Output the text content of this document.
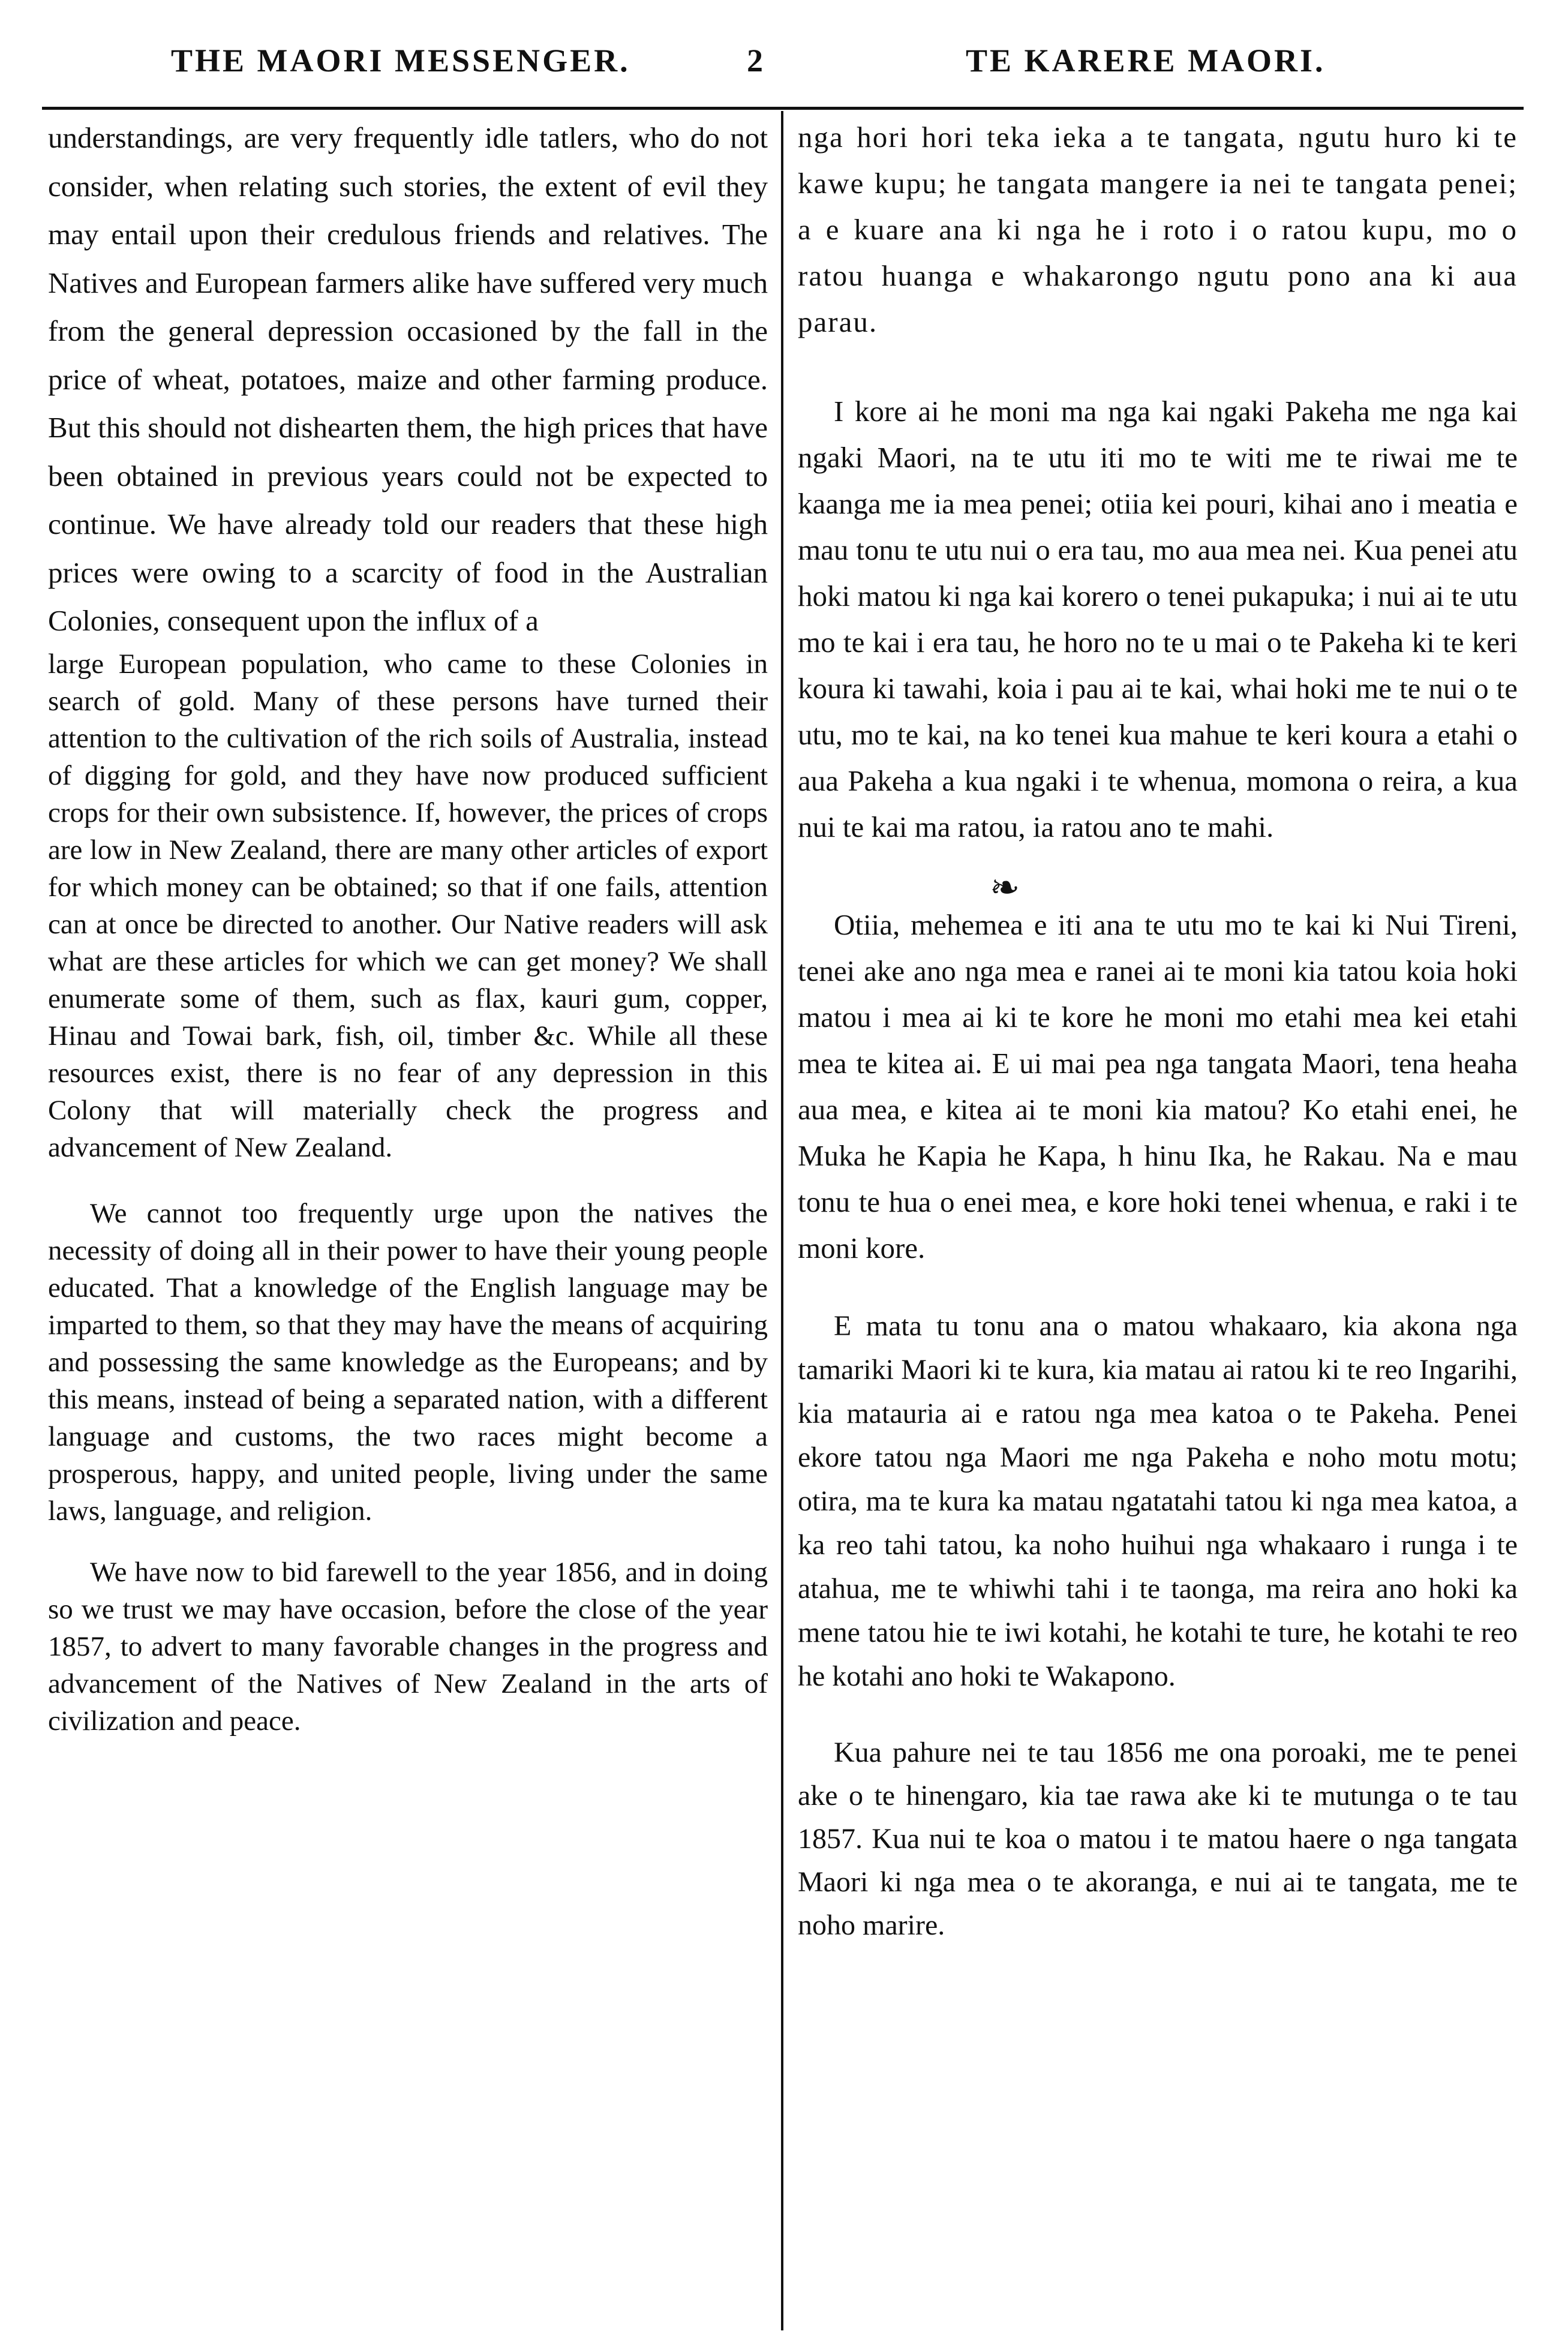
THE MAORI MESSENGER.	2	TE KARERE MAORI.

understandings, are very frequently idle tatlers, who do not consider, when relating such stories, the extent of evil they may entail upon their credulous friends and relatives. The Natives and European farmers alike have suffered very much from the general depression occasioned by the fall in the price of wheat, potatoes, maize and other farming produce. But this should not dishearten them, the high prices that have been obtained in previous years could not be expected to continue. We have already told our readers that these high prices were owing to a scarcity of food in the Australian Colonies, consequent upon the influx of a

large European population, who came to these Colonies in search of gold. Many of these persons have turned their attention to the cultivation of the rich soils of Australia, instead of digging for gold, and they have now produced sufficient crops for their own subsistence. If, however, the prices of crops are low in New Zealand, there are many other articles of export for which money can be obtained; so that if one fails, attention can at once be directed to another. Our Native readers will ask what are these articles for which we can get money? We shall enumerate some of them, such as flax, kauri gum, copper, Hinau and Towai bark, fish, oil, timber &c. While all these resources exist, there is no fear of any depression in this Colony that will materially check the progress and advancement of New Zealand.

We cannot too frequently urge upon the natives the necessity of doing all in their power to have their young people educated. That a knowledge of the English language may be imparted to them, so that they may have the means of acquiring and possessing the same knowledge as the Europeans; and by this means, instead of being a separated nation, with a different language and customs, the two races might become a prosperous, happy, and united people, living under the same laws, language, and religion.

We have now to bid farewell to the year 1856, and in doing so we trust we may have occasion, before the close of the year 1857, to advert to many favorable changes in the progress and advancement of the Natives of New Zealand in the arts of civilization and peace.

nga hori hori teka ieka a te tangata, ngutu huro ki te kawe kupu; he tangata mangere ia nei te tangata penei; a e kuare ana ki nga he i roto i o ratou kupu, mo o ratou huanga e whakarongo ngutu pono ana ki aua parau.

I kore ai he moni ma nga kai ngaki Pakeha me nga kai ngaki Maori, na te utu iti mo te witi me te riwai me te kaanga me ia mea penei; otiia kei pouri, kihai ano i meatia e mau tonu te utu nui o era tau, mo aua mea nei. Kua penei atu hoki matou ki nga kai korero o tenei pukapuka; i nui ai te utu mo te kai i era tau, he horo no te u mai o te Pakeha ki te keri koura ki tawahi, koia i pau ai te kai, whai hoki me te nui o te utu, mo te kai, na ko tenei kua mahue te keri koura a etahi o aua Pakeha a kua ngaki i te whenua, momona o reira, a kua nui te kai ma ratou, ia ratou ano te mahi.

❧

Otiia, mehemea e iti ana te utu mo te kai ki Nui Tireni, tenei ake ano nga mea e ranei ai te moni kia tatou koia hoki matou i mea ai ki te kore he moni mo etahi mea kei etahi mea te kitea ai. E ui mai pea nga tangata Maori, tena heaha aua mea, e kitea ai te moni kia matou? Ko etahi enei, he Muka he Kapia he Kapa, h hinu Ika, he Rakau. Na e mau tonu te hua o enei mea, e kore hoki tenei whenua, e raki i te moni kore.

E mata tu tonu ana o matou whakaaro, kia akona nga tamariki Maori ki te kura, kia matau ai ratou ki te reo Ingarihi, kia matauria ai e ratou nga mea katoa o te Pakeha. Penei ekore tatou nga Maori me nga Pakeha e noho motu motu; otira, ma te kura ka matau ngatatahi tatou ki nga mea katoa, a ka reo tahi tatou, ka noho huihui nga whakaaro i runga i te atahua, me te whiwhi tahi i te taonga, ma reira ano hoki ka mene tatou hie te iwi kotahi, he kotahi te ture, he kotahi te reo he kotahi ano hoki te Wakapono.

Kua pahure nei te tau 1856 me ona poroaki, me te penei ake o te hinengaro, kia tae rawa ake ki te mutunga o te tau 1857. Kua nui te koa o matou i te matou haere o nga tangata Maori ki nga mea o te akoranga, e nui ai te tangata, me te noho marire.
